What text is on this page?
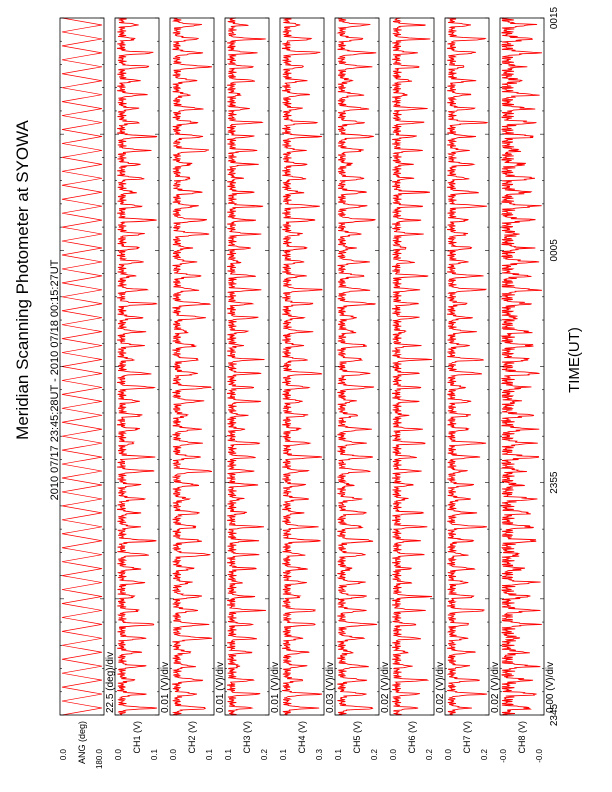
Meridian Scanning Photometer at SYOWA 2010 07/17 23:45:28UT - 2010 07/18 00:15:27UT	TIME(UT)
ANG (deg)
22.5 (deg)/div
0.0	180.0
CH1 (V)
0.01 (V)/div
0.0	0.1
CH2 (V)
0.01 (V)/div
0.0	0.1
CH3 (V)
0.01 (V)/div
0.1	0.2
CH4 (V)
0.03 (V)/div
0.1	0.3
CH5 (V)
0.02 (V)/div
0.1	0.2
CH6 (V)
0.02 (V)/div
0.0	0.2
CH7 (V)
0.02 (V)/div
0.0	0.2
CH8 (V)
0.00 (V)/div
-0.0	-0.0
2345
2355
0005
0015
